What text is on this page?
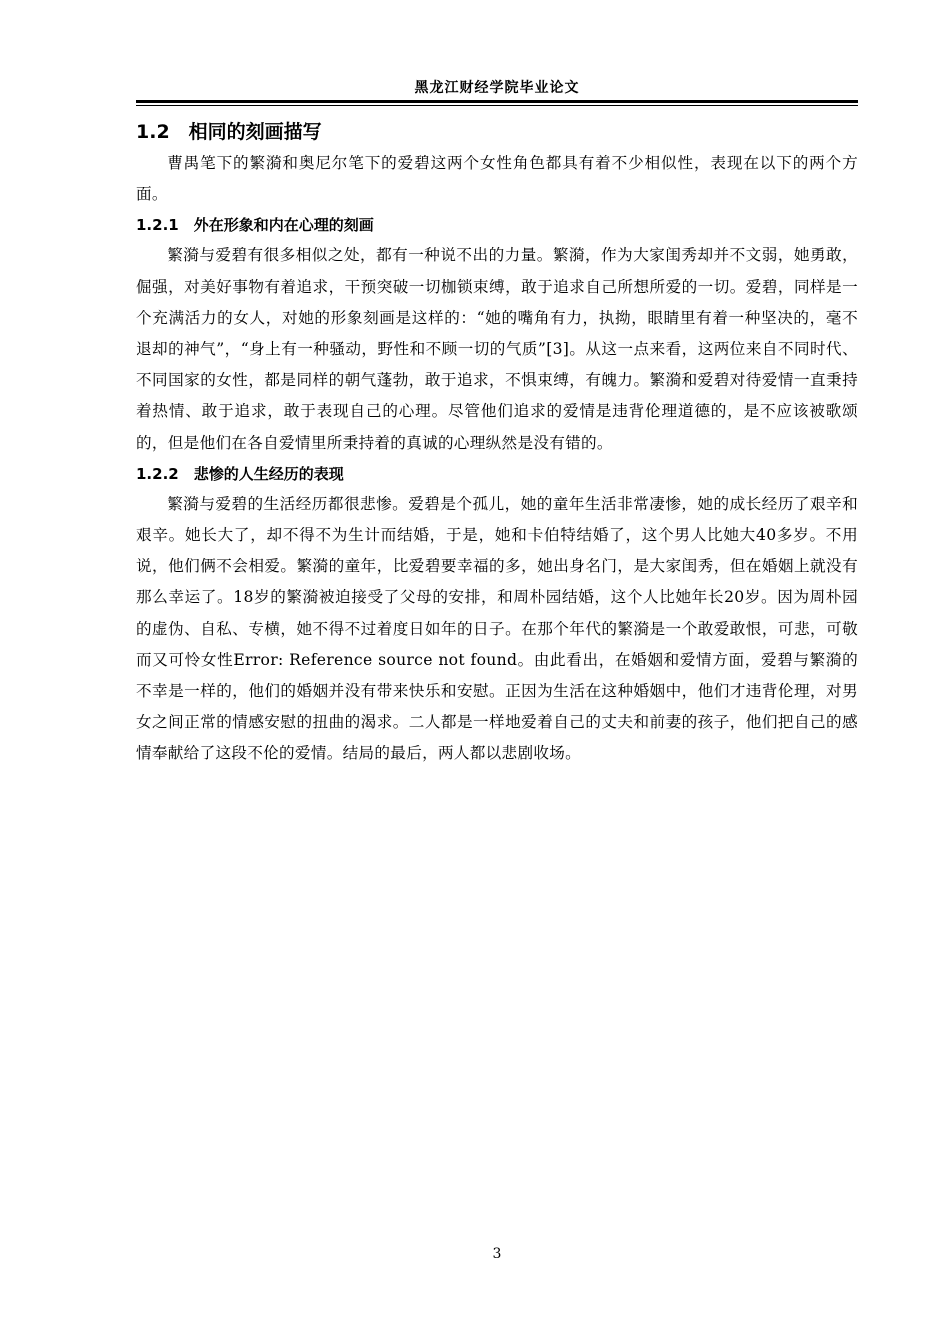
黑龙江财经学院毕业论文
1.2　相同的刻画描写

曹禺笔下的繁漪和奥尼尔笔下的爱碧这两个女性角色都具有着不少相似性，表现在以下的两个方面。

1.2.1　外在形象和内在心理的刻画

繁漪与爱碧有很多相似之处，都有一种说不出的力量。繁漪，作为大家闺秀却并不文弱，她勇敢，倔强，对美好事物有着追求，干预突破一切枷锁束缚，敢于追求自己所想所爱的一切。爱碧，同样是一个充满活力的女人，对她的形象刻画是这样的：“她的嘴角有力，执拗，眼睛里有着一种坚决的，毫不退却的神气”，“身上有一种骚动，野性和不顾一切的气质”[3]。从这一点来看，这两位来自不同时代、不同国家的女性，都是同样的朝气蓬勃，敢于追求，不惧束缚，有魄力。繁漪和爱碧对待爱情一直秉持着热情、敢于追求，敢于表现自己的心理。尽管他们追求的爱情是违背伦理道德的，是不应该被歌颂的，但是他们在各自爱情里所秉持着的真诚的心理纵然是没有错的。

1.2.2　悲惨的人生经历的表现

繁漪与爱碧的生活经历都很悲惨。爱碧是个孤儿，她的童年生活非常凄惨，她的成长经历了艰辛和艰辛。她长大了，却不得不为生计而结婚，于是，她和卡伯特结婚了，这个男人比她大40多岁。不用说，他们俩不会相爱。繁漪的童年，比爱碧要幸福的多，她出身名门，是大家闺秀，但在婚姻上就没有那么幸运了。18岁的繁漪被迫接受了父母的安排，和周朴园结婚，这个人比她年长20岁。因为周朴园的虚伪、自私、专横，她不得不过着度日如年的日子。在那个年代的繁漪是一个敢爱敢恨，可悲，可敬而又可怜女性Error: Reference source not found。由此看出，在婚姻和爱情方面，爱碧与繁漪的不幸是一样的，他们的婚姻并没有带来快乐和安慰。正因为生活在这种婚姻中，他们才违背伦理，对男女之间正常的情感安慰的扭曲的渴求。二人都是一样地爱着自己的丈夫和前妻的孩子，他们把自己的感情奉献给了这段不伦的爱情。结局的最后，两人都以悲剧收场。

3
